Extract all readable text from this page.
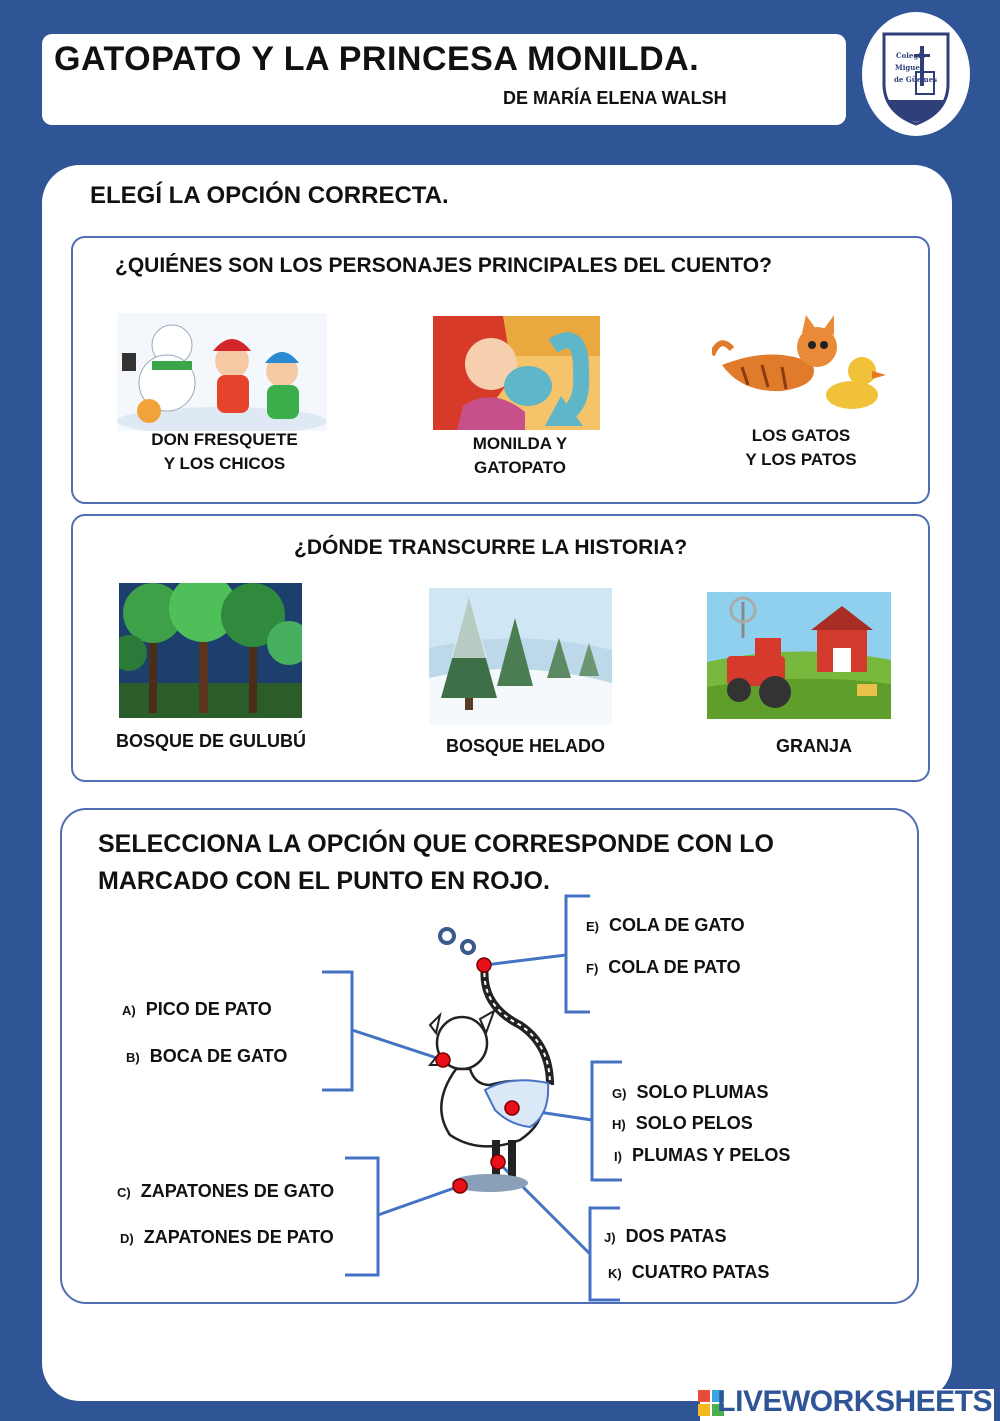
GATOPATO Y LA PRINCESA MONILDA.
DE MARÍA ELENA WALSH
Colegio
Miguel
de Güemes
ELEGÍ LA OPCIÓN CORRECTA.
¿QUIÉNES SON LOS PERSONAJES PRINCIPALES DEL CUENTO?
DON FRESQUETE
Y LOS CHICOS
MONILDA Y
GATOPATO
LOS GATOS
Y LOS PATOS
¿DÓNDE TRANSCURRE LA HISTORIA?
BOSQUE DE GULUBÚ	BOSQUE HELADO	GRANJA
SELECCIONA LA OPCIÓN QUE CORRESPONDE CON LO MARCADO CON EL PUNTO EN ROJO.
A) PICO DE PATO
B) BOCA DE GATO
C) ZAPATONES DE GATO
D) ZAPATONES DE PATO
E) COLA DE GATO
F) COLA DE PATO
G) SOLO PLUMAS
H) SOLO PELOS
I) PLUMAS Y PELOS
J) DOS PATAS
K) CUATRO PATAS
LIVEWORKSHEETS
